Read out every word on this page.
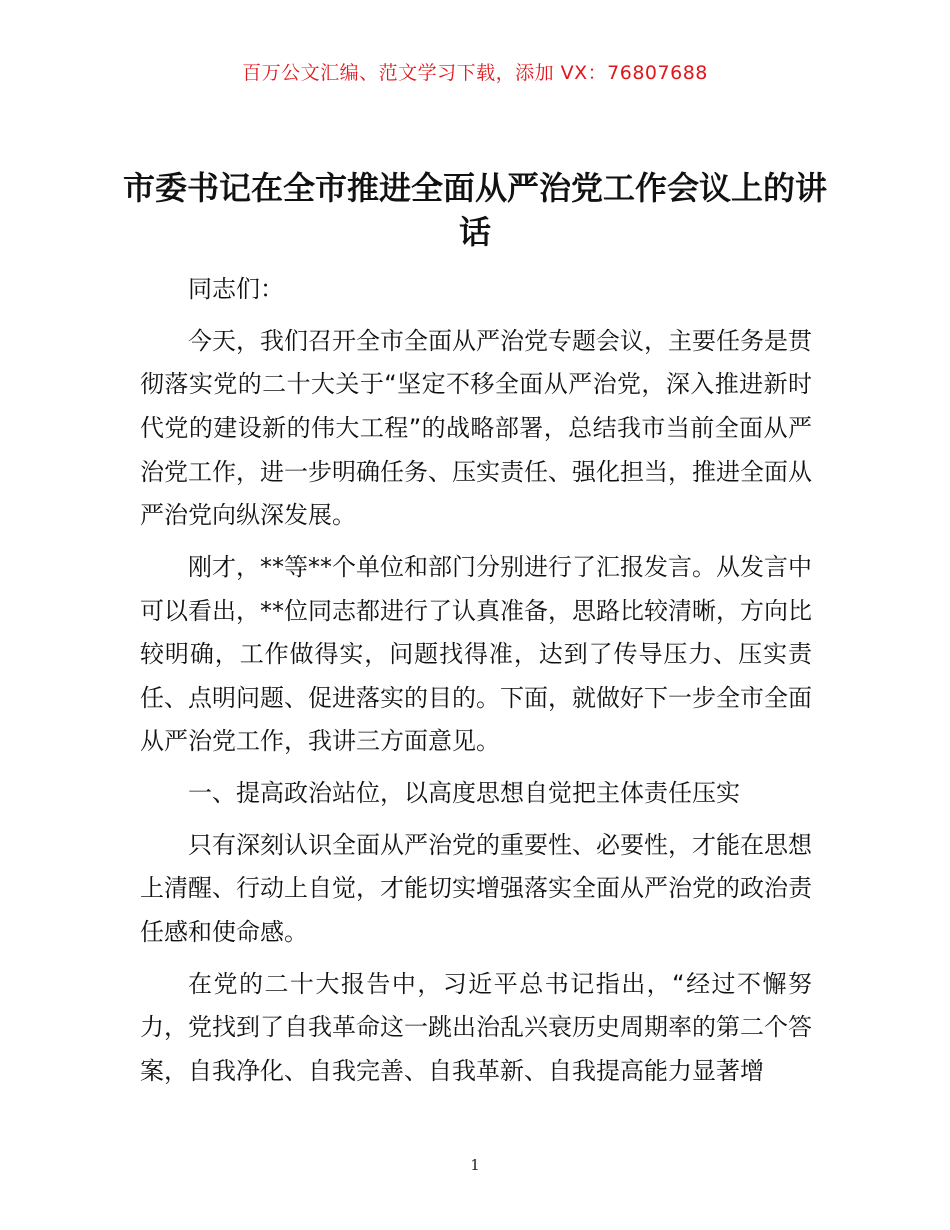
百万公文汇编、范文学习下载，添加 VX：76807688
市委书记在全市推进全面从严治党工作会议上的讲话

同志们：

今天，我们召开全市全面从严治党专题会议，主要任务是贯彻落实党的二十大关于“坚定不移全面从严治党，深入推进新时代党的建设新的伟大工程”的战略部署，总结我市当前全面从严治党工作，进一步明确任务、压实责任、强化担当，推进全面从严治党向纵深发展。

刚才，**等**个单位和部门分别进行了汇报发言。从发言中可以看出，**位同志都进行了认真准备，思路比较清晰，方向比较明确，工作做得实，问题找得准，达到了传导压力、压实责任、点明问题、促进落实的目的。下面，就做好下一步全市全面从严治党工作，我讲三方面意见。

一、提高政治站位，以高度思想自觉把主体责任压实

只有深刻认识全面从严治党的重要性、必要性，才能在思想上清醒、行动上自觉，才能切实增强落实全面从严治党的政治责任感和使命感。

在党的二十大报告中，习近平总书记指出，“经过不懈努力，党找到了自我革命这一跳出治乱兴衰历史周期率的第二个答案，自我净化、自我完善、自我革新、自我提高能力显著增

1
